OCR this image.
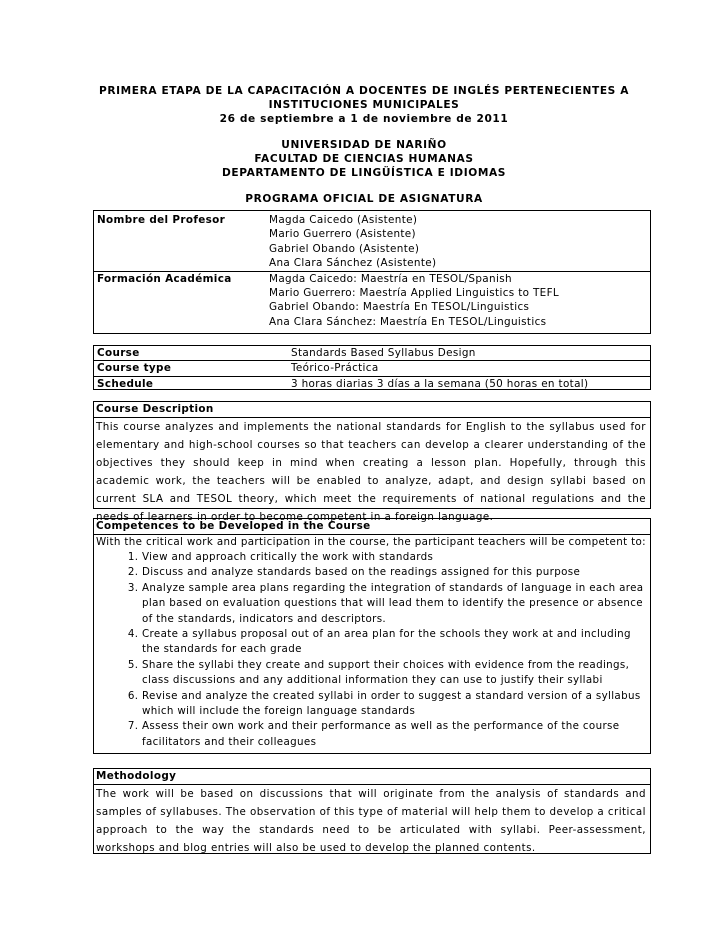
PRIMERA ETAPA DE LA CAPACITACIÓN A DOCENTES DE INGLÉS PERTENECIENTES A
INSTITUCIONES MUNICIPALES
26 de septiembre a 1 de noviembre de 2011
UNIVERSIDAD DE NARIÑO
FACULTAD DE CIENCIAS HUMANAS
DEPARTAMENTO DE LINGÜÍSTICA E IDIOMAS
PROGRAMA OFICIAL DE ASIGNATURA
Nombre del Profesor	Magda Caicedo (Asistente)
Mario Guerrero (Asistente)
Gabriel Obando (Asistente)
Ana Clara Sánchez (Asistente)

Formación Académica	Magda Caicedo: Maestría en TESOL/Spanish
Mario Guerrero: Maestría Applied Linguistics to TEFL
Gabriel Obando: Maestría En TESOL/Linguistics
Ana Clara Sánchez: Maestría En TESOL/Linguistics
Course	Standards Based Syllabus Design
Course type	Teórico-Práctica
Schedule	3 horas diarias 3 días a la semana (50 horas en total)
Course Description
This course analyzes and implements the national standards for English to the syllabus used for elementary and high-school courses so that teachers can develop a clearer understanding of the objectives they should keep in mind when creating a lesson plan. Hopefully, through this academic work, the teachers will be enabled to analyze, adapt, and design syllabi based on current SLA and TESOL theory, which meet the requirements of national regulations and the needs of learners in order to become competent in a foreign language.
Competences to be Developed in the Course
With the critical work and participation in the course, the participant teachers will be competent to:
1. View and approach critically the work with standards
2. Discuss and analyze standards based on the readings assigned for this purpose
3. Analyze sample area plans regarding the integration of standards of language in each area plan based on evaluation questions that will lead them to identify the presence or absence of the standards, indicators and descriptors.
4. Create a syllabus proposal out of an area plan for the schools they work at and including the standards for each grade
5. Share the syllabi they create and support their choices with evidence from the readings, class discussions and any additional information they can use to justify their syllabi
6. Revise and analyze the created syllabi in order to suggest a standard version of a syllabus which will include the foreign language standards
7. Assess their own work and their performance as well as the performance of the course facilitators and their colleagues
Methodology
The work will be based on discussions that will originate from the analysis of standards and samples of syllabuses. The observation of this type of material will help them to develop a critical approach to the way the standards need to be articulated with syllabi. Peer-assessment, workshops and blog entries will also be used to develop the planned contents.
